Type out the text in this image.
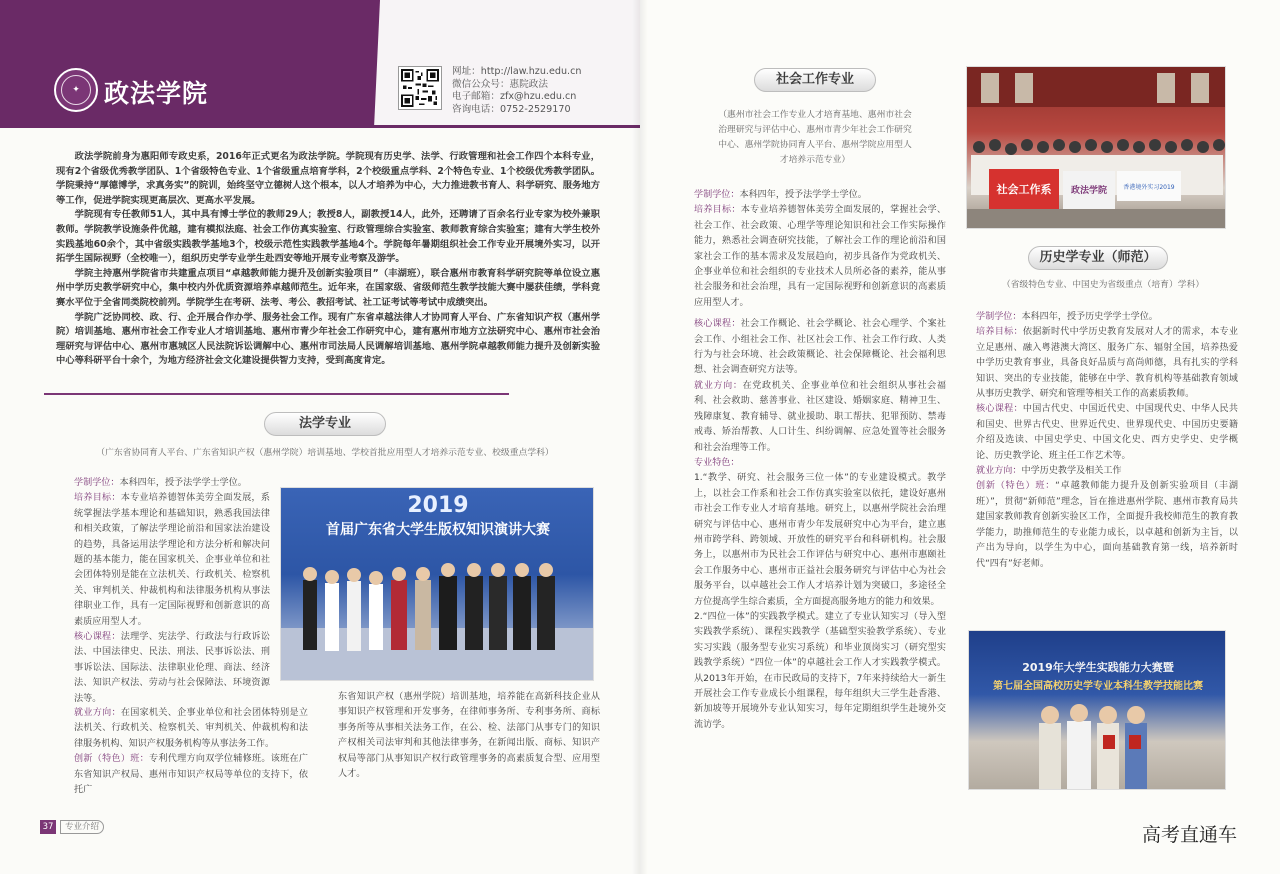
✦ 政法学院
网址：http://law.hzu.edu.cn
微信公众号：惠院政法
电子邮箱：zfx@hzu.edu.cn
咨询电话：0752-2529170

政法学院前身为惠阳师专政史系，2016年正式更名为政法学院。学院现有历史学、法学、行政管理和社会工作四个本科专业，现有2个省级优秀教学团队、1个省级特色专业、1个省级重点培育学科，2个校级重点学科、2个特色专业、1个校级优秀教学团队。学院秉持“厚德博学，求真务实”的院训，始终坚守立德树人这个根本，以人才培养为中心，大力推进教书育人、科学研究、服务地方等工作，促进学院实现更高层次、更高水平发展。

学院现有专任教师51人，其中具有博士学位的教师29人；教授8人，副教授14人，此外，还聘请了百余名行业专家为校外兼职教师。学院教学设施条件优越，建有模拟法庭、社会工作仿真实验室、行政管理综合实验室、教师教育综合实验室；建有大学生校外实践基地60余个，其中省级实践教学基地3个，校级示范性实践教学基地4个。学院每年暑期组织社会工作专业开展境外实习，以开拓学生国际视野（全校唯一），组织历史学专业学生赴西安等地开展专业考察及游学。

学院主持惠州学院省市共建重点项目“卓越教师能力提升及创新实验项目”（丰湖班），联合惠州市教育科学研究院等单位设立惠州中学历史教学研究中心，集中校内外优质资源培养卓越师范生。近年来，在国家级、省级师范生教学技能大赛中屡获佳绩，学科竞赛水平位于全省同类院校前列。学院学生在考研、法考、考公、教招考试、社工证考试等考试中成绩突出。

学院广泛协同校、政、行、企开展合作办学、服务社会工作。现有广东省卓越法律人才协同育人平台、广东省知识产权（惠州学院）培训基地、惠州市社会工作专业人才培训基地、惠州市青少年社会工作研究中心，建有惠州市地方立法研究中心、惠州市社会治理研究与评估中心、惠州市惠城区人民法院诉讼调解中心、惠州市司法局人民调解培训基地、惠州学院卓越教师能力提升及创新实验中心等科研平台十余个，为地方经济社会文化建设提供智力支持，受到高度肯定。

法学专业
（广东省协同育人平台、广东省知识产权（惠州学院）培训基地、学校首批应用型人才培养示范专业、校级重点学科）

学制学位：本科四年，授予法学学士学位。

培养目标：本专业培养德智体美劳全面发展，系统掌握法学基本理论和基础知识，熟悉我国法律和相关政策，了解法学理论前沿和国家法治建设的趋势，具备运用法学理论和方法分析和解决问题的基本能力，能在国家机关、企事业单位和社会团体特别是能在立法机关、行政机关、检察机关、审判机关、仲裁机构和法律服务机构从事法律职业工作，具有一定国际视野和创新意识的高素质应用型人才。

核心课程：法理学、宪法学、行政法与行政诉讼法、中国法律史、民法、刑法、民事诉讼法、刑事诉讼法、国际法、法律职业伦理、商法、经济法、知识产权法、劳动与社会保障法、环境资源法等。

就业方向：在国家机关、企事业单位和社会团体特别是立法机关、行政机关、检察机关、审判机关、仲裁机构和法律服务机构、知识产权服务机构等从事法务工作。

创新（特色）班：专利代理方向双学位辅修班。该班在广东省知识产权局、惠州市知识产权局等单位的支持下，依托广

东省知识产权（惠州学院）培训基地，培养能在高新科技企业从事知识产权管理和开发事务，在律师事务所、专利事务所、商标事务所等从事相关法务工作，在公、检、法部门从事专门的知识产权相关司法审判和其他法律事务，在新闻出版、商标、知识产权局等部门从事知识产权行政管理事务的高素质复合型、应用型人才。
2019
首届广东省大学生版权知识演讲大赛
37	专业介绍
社会工作专业
（惠州市社会工作专业人才培育基地、惠州市社会
治理研究与评估中心、惠州市青少年社会工作研究
中心、惠州学院协同育人平台、惠州学院应用型人
才培养示范专业）

学制学位：本科四年，授予法学学士学位。

培养目标：本专业培养德智体美劳全面发展的，掌握社会学、社会工作、社会政策、心理学等理论知识和社会工作实际操作能力，熟悉社会调查研究技能，了解社会工作的理论前沿和国家社会工作的基本需求及发展趋向，初步具备作为党政机关、企事业单位和社会组织的专业技术人员所必备的素养，能从事社会服务和社会治理，具有一定国际视野和创新意识的高素质应用型人才。

核心课程：社会工作概论、社会学概论、社会心理学、个案社会工作、小组社会工作、社区社会工作、社会工作行政、人类行为与社会环境、社会政策概论、社会保障概论、社会福利思想、社会调查研究方法等。

就业方向：在党政机关、企事业单位和社会组织从事社会福利、社会救助、慈善事业、社区建设、婚姻家庭、精神卫生、残障康复、教育辅导、就业援助、职工帮扶、犯罪预防、禁毒戒毒、矫治帮教、人口计生、纠纷调解、应急处置等社会服务和社会治理等工作。

专业特色：

1.“教学、研究、社会服务三位一体”的专业建设模式。教学上，以社会工作系和社会工作仿真实验室以依托，建设好惠州市社会工作专业人才培育基地。研究上，以惠州学院社会治理研究与评估中心、惠州市青少年发展研究中心为平台，建立惠州市跨学科、跨领域、开放性的研究平台和科研机构。社会服务上，以惠州市为民社会工作评估与研究中心、惠州市惠颐社会工作服务中心、惠州市正益社会服务研究与评估中心为社会服务平台，以卓越社会工作人才培养计划为突破口，多途径全方位提高学生综合素质，全方面提高服务地方的能力和效果。

2.“四位一体”的实践教学模式。建立了专业认知实习（导入型实践教学系统）、课程实践教学（基础型实验教学系统）、专业实习实践（服务型专业实习系统）和毕业顶岗实习（研究型实践教学系统）“四位一体”的卓越社会工作人才实践教学模式。从2013年开始，在市民政局的支持下，7年来持续给大一新生开展社会工作专业成长小组课程，每年组织大三学生赴香港、新加坡等开展境外专业认知实习，每年定期组织学生赴境外交流访学。

社会工作系 政法学院	香港境外实习2019
历史学专业（师范）
（省级特色专业、中国史为省级重点（培育）学科）

学制学位：本科四年，授予历史学学士学位。

培养目标：依据新时代中学历史教育发展对人才的需求，本专业立足惠州、融入粤港澳大湾区、服务广东、辐射全国，培养热爱中学历史教育事业，具备良好品质与高尚师德，具有扎实的学科知识、突出的专业技能，能够在中学、教育机构等基础教育领域从事历史教学、研究和管理等相关工作的高素质教师。

核心课程：中国古代史、中国近代史、中国现代史、中华人民共和国史、世界古代史、世界近代史、世界现代史、中国历史要籍介绍及选读、中国史学史、中国文化史、西方史学史、史学概论、历史教学论、班主任工作艺术等。

就业方向：中学历史教学及相关工作

创新（特色）班：“卓越教师能力提升及创新实验项目（丰湖班）”，贯彻“新师范”理念，旨在推进惠州学院、惠州市教育局共建国家教师教育创新实验区工作，全面提升我校师范生的教育教学能力，助推师范生的专业能力成长，以卓越和创新为主旨，以产出为导向，以学生为中心，面向基础教育第一线，培养新时代“四有”好老师。

2019年大学生实践能力大赛暨
第七届全国高校历史学专业本科生教学技能比赛
高考直通车
